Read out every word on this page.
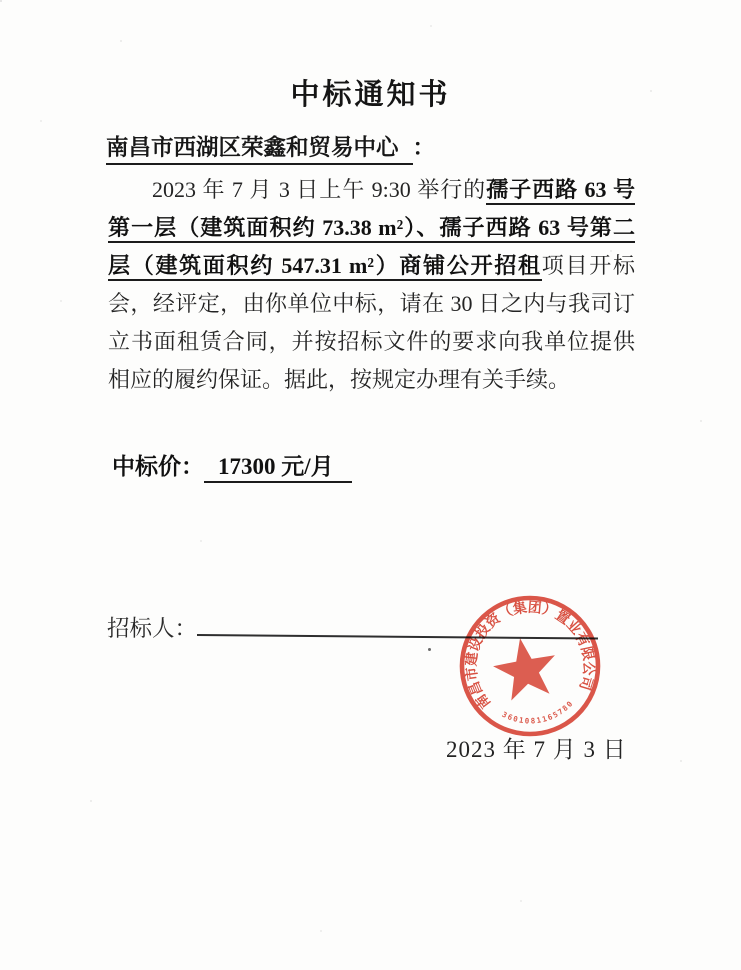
中标通知书
南昌市西湖区荣鑫和贸易中心 ：
2023 年 7 月 3 日上午 9:30 举行的孺子西路 63 号
第一层（建筑面积约 73.38 m²）、孺子西路 63 号第二
层（建筑面积约 547.31 m²）商铺公开招租项目开标
会，经评定，由你单位中标，请在 30 日之内与我司订
立书面租赁合同，并按招标文件的要求向我单位提供
相应的履约保证。据此，按规定办理有关手续。
中标价： 17300 元/月
招标人：
南昌市建设投资（集团）置业有限公司
3601081165780
2023 年 7 月 3 日
